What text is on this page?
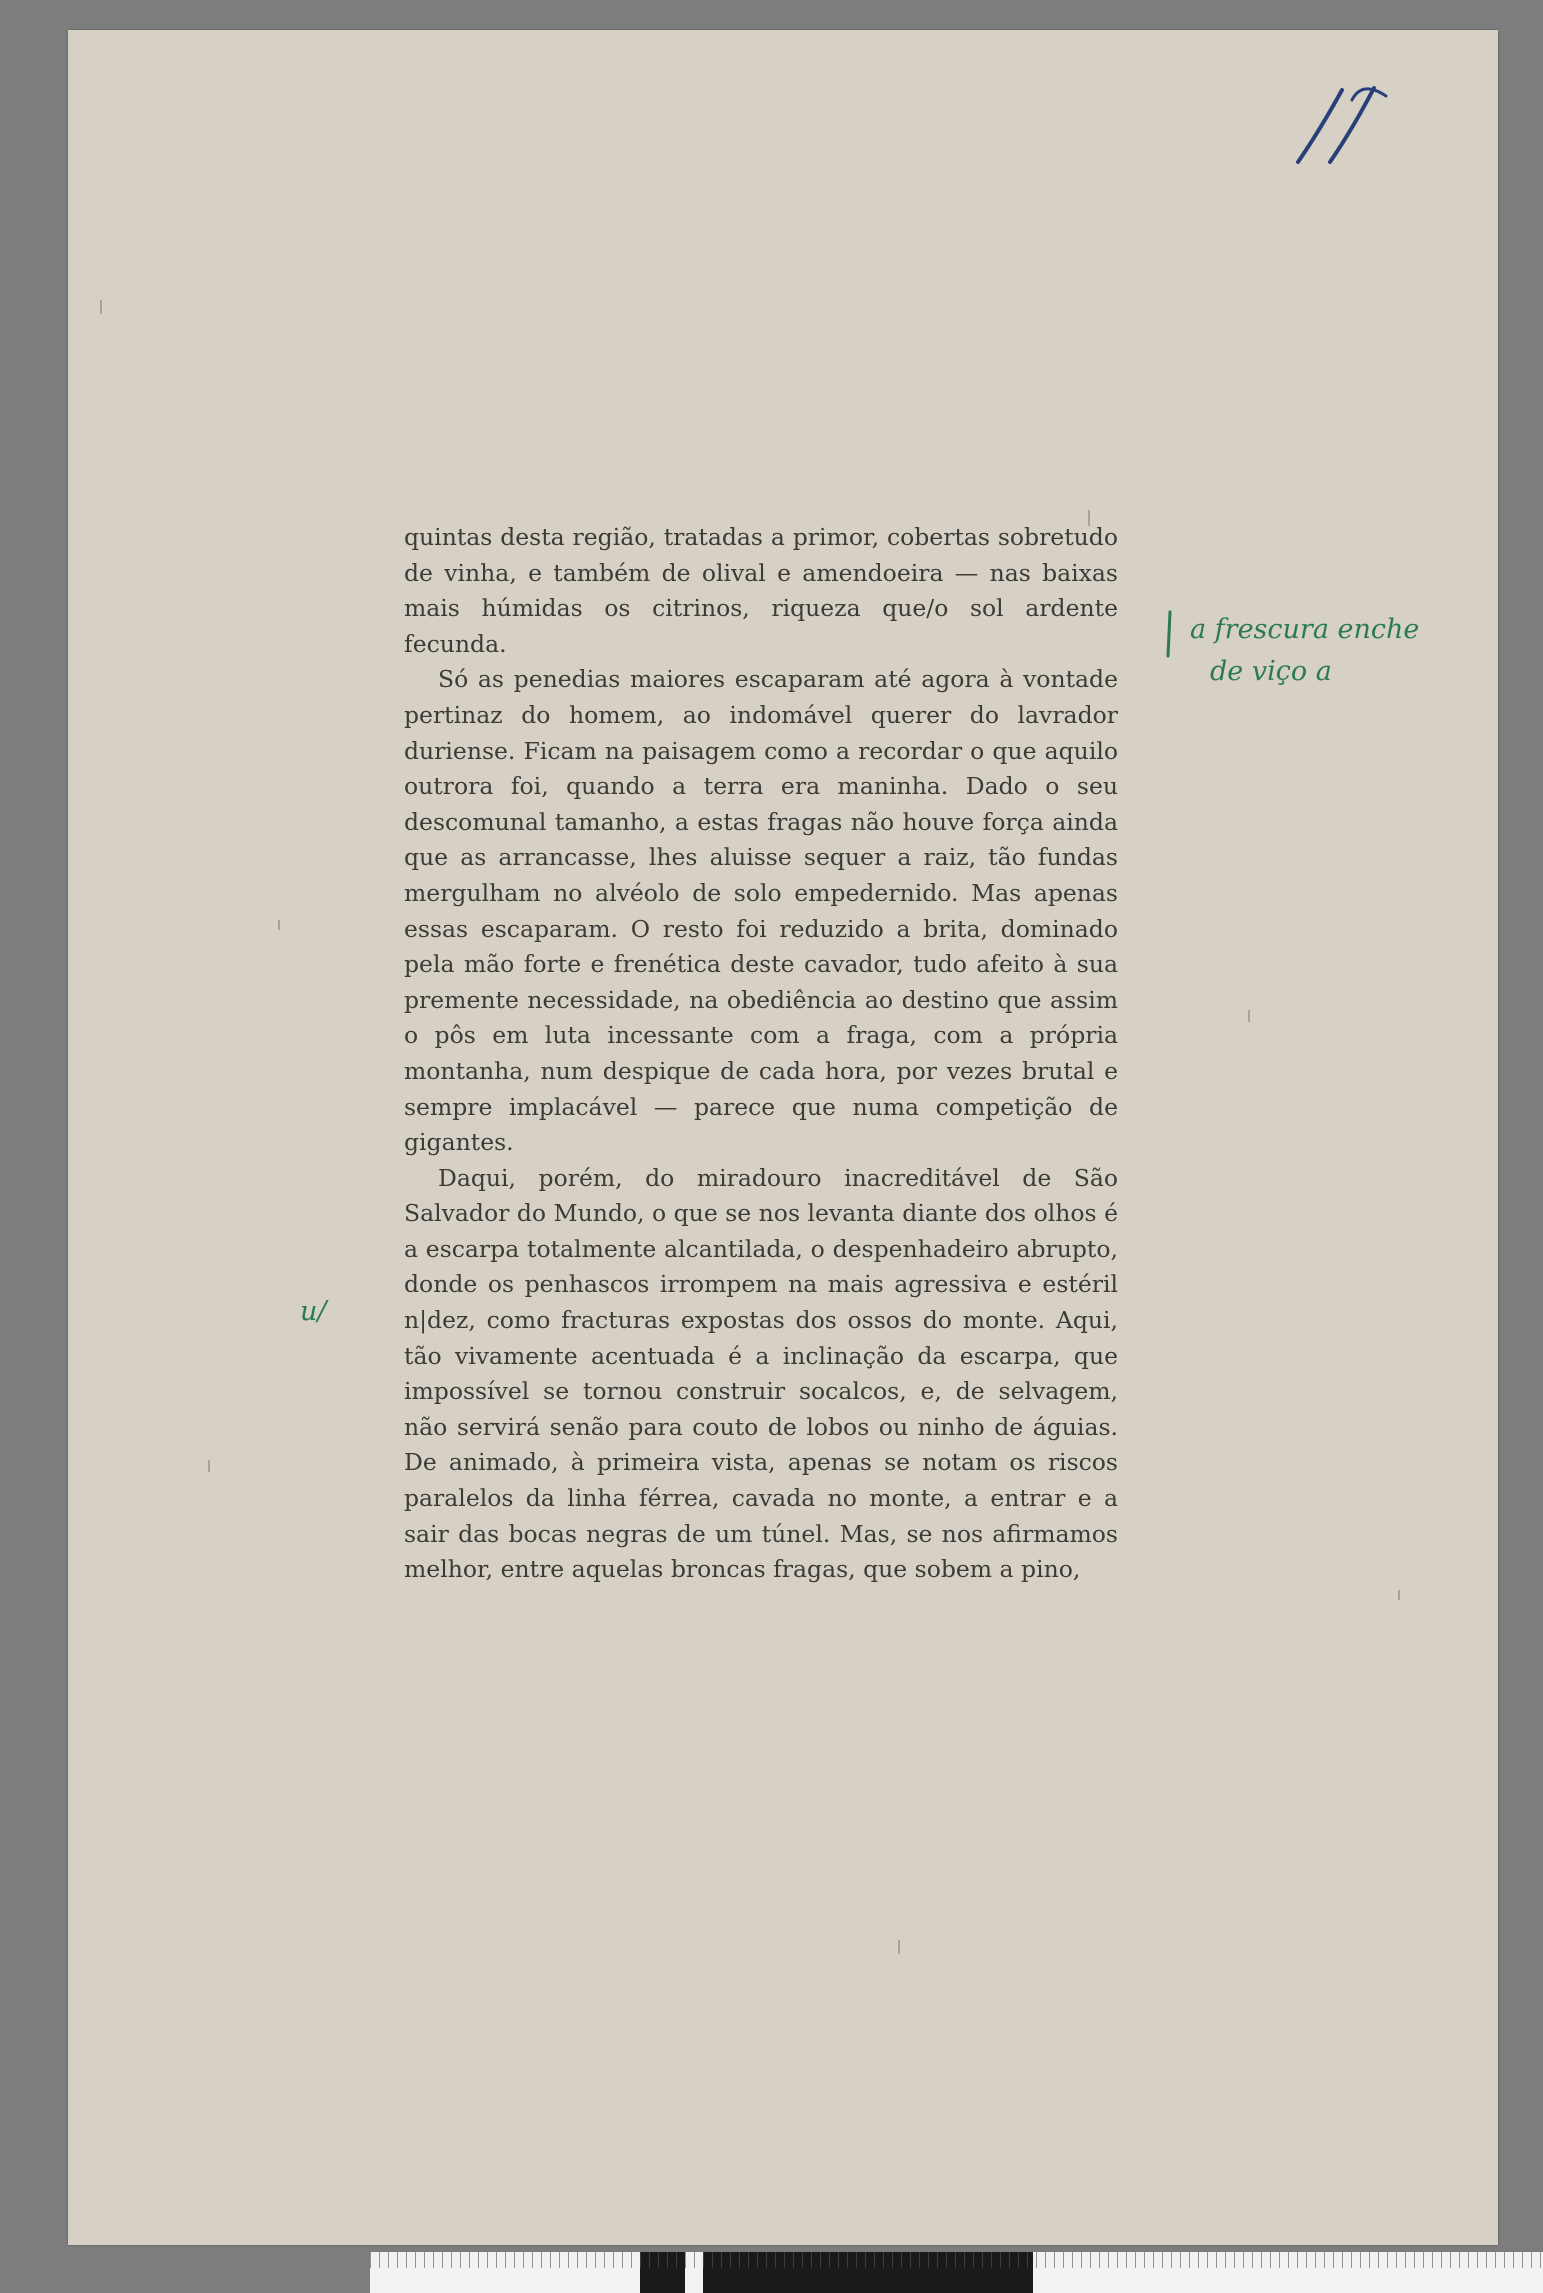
quintas desta região, tratadas a primor, cobertas sobretudo de vinha, e também de olival e amendoeira — nas baixas mais húmidas os citrinos, riqueza que/o sol ardente fecunda.

Só as penedias maiores escaparam até agora à vontade pertinaz do homem, ao indomável querer do lavrador duriense. Ficam na paisagem como a recordar o que aquilo outrora foi, quando a terra era maninha. Dado o seu descomunal tamanho, a estas fragas não houve força ainda que as arrancasse, lhes aluisse sequer a raiz, tão fundas mergulham no alvéolo de solo empedernido. Mas apenas essas escaparam. O resto foi reduzido a brita, dominado pela mão forte e frenética deste cavador, tudo afeito à sua premente necessidade, na obediência ao destino que assim o pôs em luta incessante com a fraga, com a própria montanha, num despique de cada hora, por vezes brutal e sempre implacável — parece que numa competição de gigantes.

Daqui, porém, do miradouro inacreditável de São Salvador do Mundo, o que se nos levanta diante dos olhos é a escarpa totalmente alcantilada, o despenhadeiro abrupto, donde os penhascos irrompem na mais agressiva e estéril n|dez, como fracturas expostas dos ossos do monte. Aqui, tão vivamente acentuada é a inclinação da escarpa, que impossível se tornou construir socalcos, e, de selvagem, não servirá senão para couto de lobos ou ninho de águias. De animado, à primeira vista, apenas se notam os riscos paralelos da linha férrea, cavada no monte, a entrar e a sair das bocas negras de um túnel. Mas, se nos afirmamos melhor, entre aquelas broncas fragas, que sobem a pino,

a frescura enche
de viço a
u/
